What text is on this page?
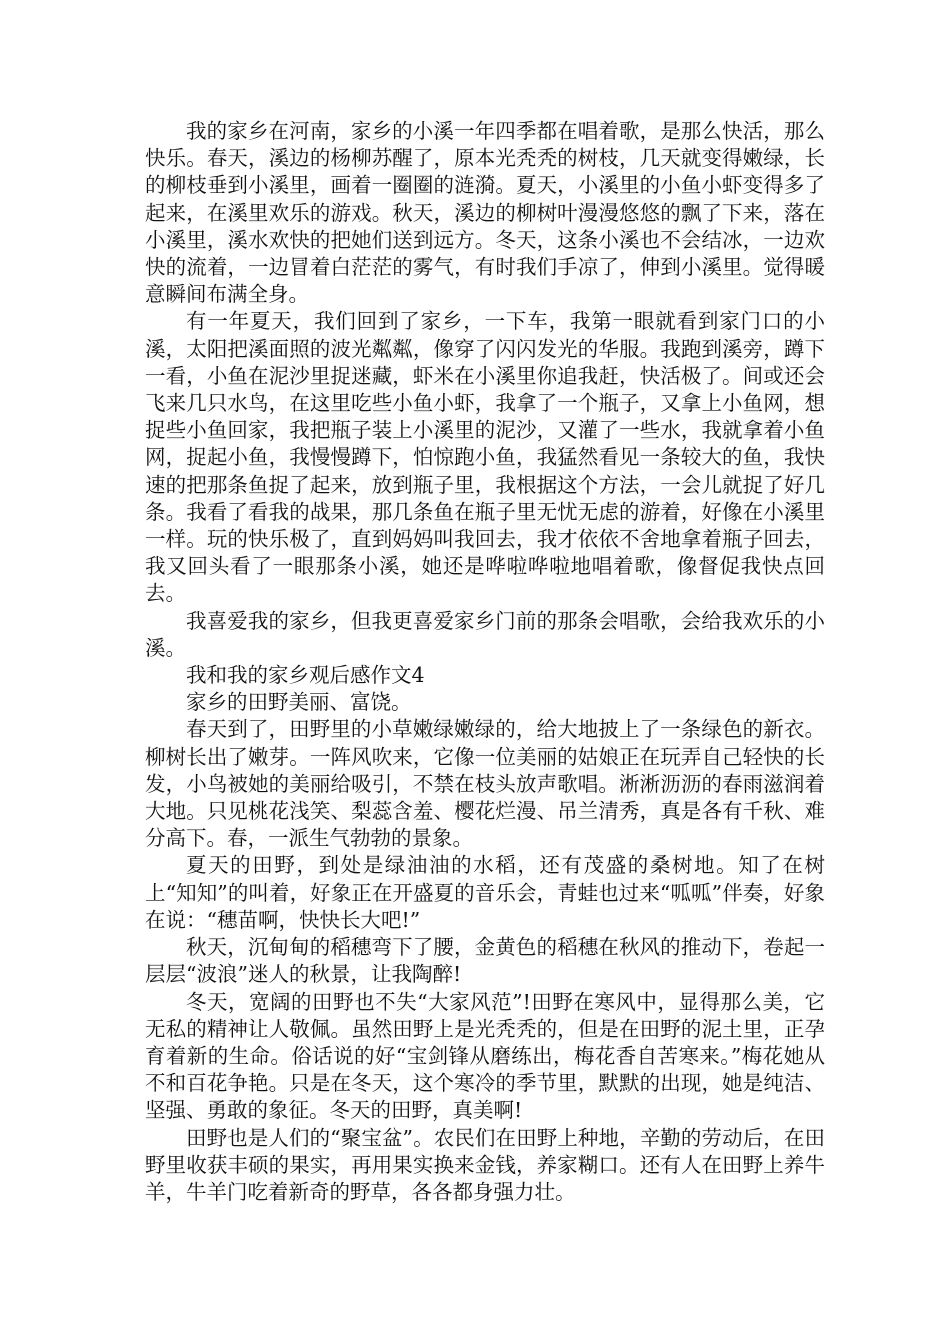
我的家乡在河南，家乡的小溪一年四季都在唱着歌，是那么快活，那么快乐。春天，溪边的杨柳苏醒了，原本光秃秃的树枝，几天就变得嫩绿，长的柳枝垂到小溪里，画着一圈圈的涟漪。夏天，小溪里的小鱼小虾变得多了起来，在溪里欢乐的游戏。秋天，溪边的柳树叶漫漫悠悠的飘了下来，落在小溪里，溪水欢快的把她们送到远方。冬天，这条小溪也不会结冰，一边欢快的流着，一边冒着白茫茫的雾气，有时我们手凉了，伸到小溪里。觉得暖意瞬间布满全身。

有一年夏天，我们回到了家乡，一下车，我第一眼就看到家门口的小溪，太阳把溪面照的波光粼粼，像穿了闪闪发光的华服。我跑到溪旁，蹲下一看，小鱼在泥沙里捉迷藏，虾米在小溪里你追我赶，快活极了。间或还会飞来几只水鸟，在这里吃些小鱼小虾，我拿了一个瓶子，又拿上小鱼网，想捉些小鱼回家，我把瓶子装上小溪里的泥沙，又灌了一些水，我就拿着小鱼网，捉起小鱼，我慢慢蹲下，怕惊跑小鱼，我猛然看见一条较大的鱼，我快速的把那条鱼捉了起来，放到瓶子里，我根据这个方法，一会儿就捉了好几条。我看了看我的战果，那几条鱼在瓶子里无忧无虑的游着，好像在小溪里一样。玩的快乐极了，直到妈妈叫我回去，我才依依不舍地拿着瓶子回去，我又回头看了一眼那条小溪，她还是哗啦哗啦地唱着歌，像督促我快点回去。

我喜爱我的家乡，但我更喜爱家乡门前的那条会唱歌，会给我欢乐的小溪。

我和我的家乡观后感作文4

家乡的田野美丽、富饶。

春天到了，田野里的小草嫩绿嫩绿的，给大地披上了一条绿色的新衣。柳树长出了嫩芽。一阵风吹来，它像一位美丽的姑娘正在玩弄自己轻快的长发，小鸟被她的美丽给吸引，不禁在枝头放声歌唱。淅淅沥沥的春雨滋润着大地。只见桃花浅笑、梨蕊含羞、樱花烂漫、吊兰清秀，真是各有千秋、难分高下。春，一派生气勃勃的景象。

夏天的田野，到处是绿油油的水稻，还有茂盛的桑树地。知了在树上“知知”的叫着，好象正在开盛夏的音乐会，青蛙也过来“呱呱”伴奏，好象在说：“穗苗啊，快快长大吧!”

秋天，沉甸甸的稻穗弯下了腰，金黄色的稻穗在秋风的推动下，卷起一层层“波浪”迷人的秋景，让我陶醉!

冬天，宽阔的田野也不失“大家风范”!田野在寒风中，显得那么美，它无私的精神让人敬佩。虽然田野上是光秃秃的，但是在田野的泥土里，正孕育着新的生命。俗话说的好“宝剑锋从磨练出，梅花香自苦寒来。”梅花她从不和百花争艳。只是在冬天，这个寒冷的季节里，默默的出现，她是纯洁、坚强、勇敢的象征。冬天的田野，真美啊!

田野也是人们的“聚宝盆”。农民们在田野上种地，辛勤的劳动后，在田野里收获丰硕的果实，再用果实换来金钱，养家糊口。还有人在田野上养牛羊，牛羊门吃着新奇的野草，各各都身强力壮。
